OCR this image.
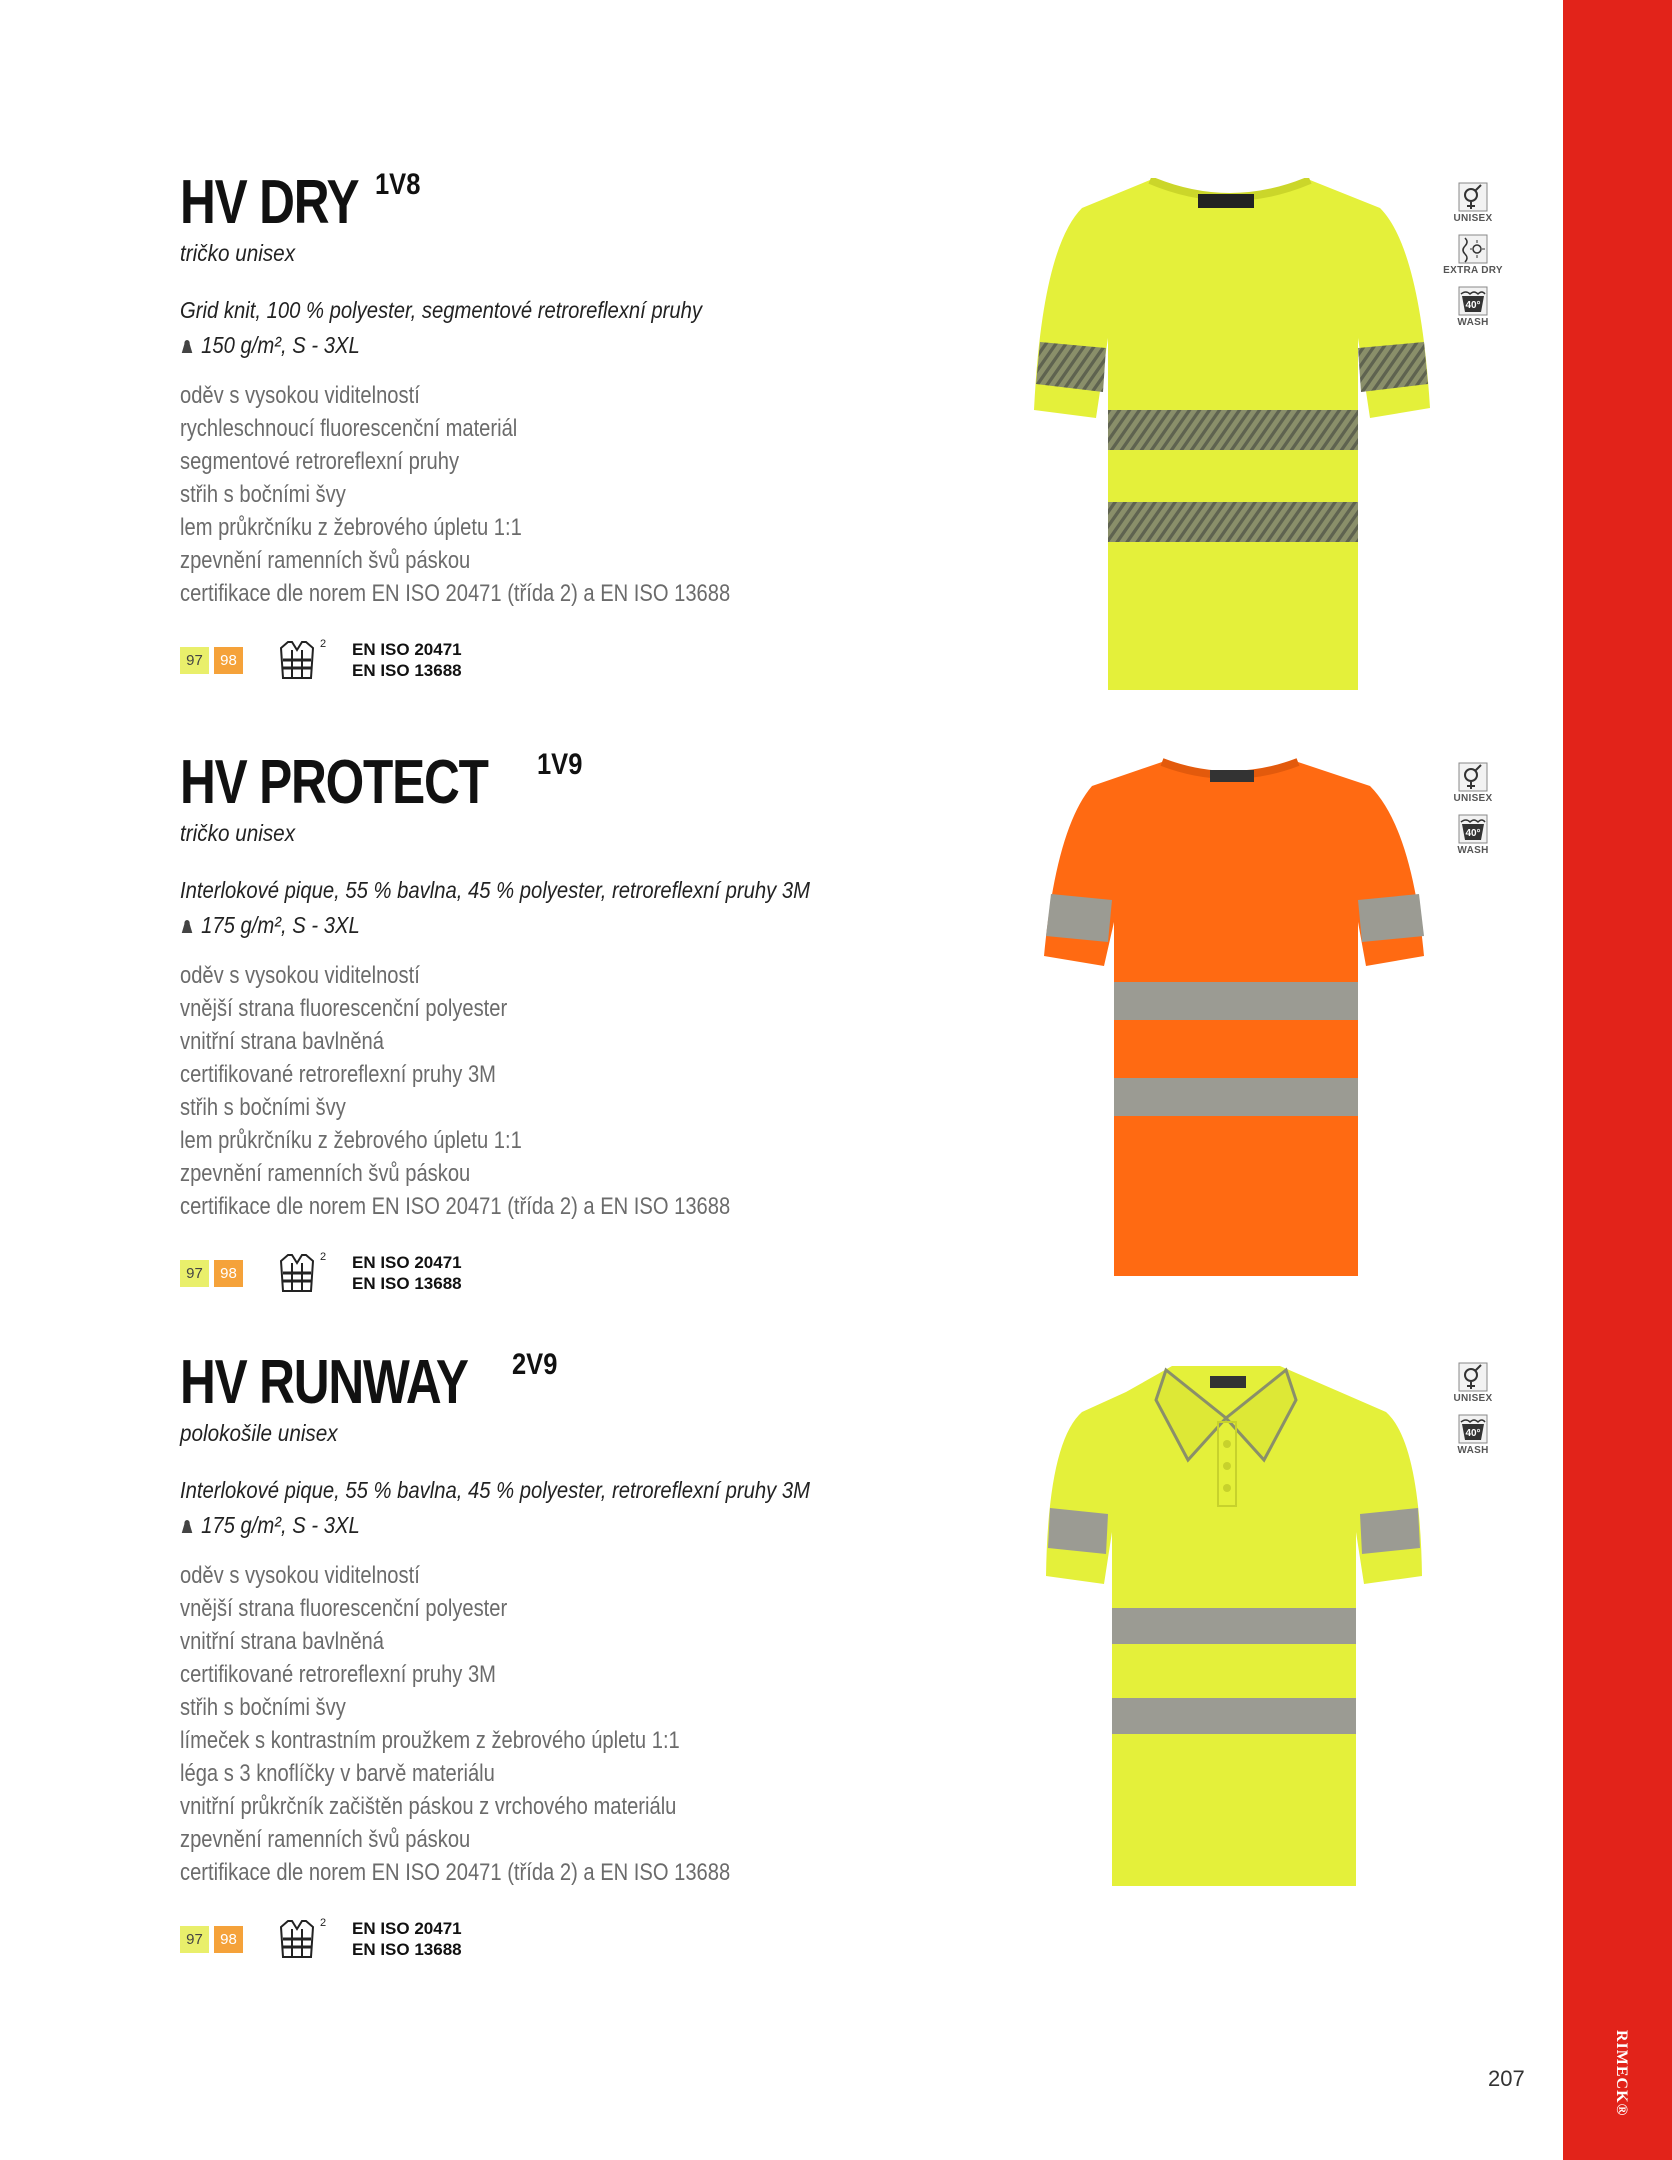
RIMECK®
207
HV DRY 1V8
tričko unisex
Grid knit, 100 % polyester, segmentové retroreflexní pruhy
150 g/m², S - 3XL
oděv s vysokou viditelností
rychleschnoucí fluorescenční materiál
segmentové retroreflexní pruhy
střih s bočními švy
lem průkrčníku z žebrového úpletu 1:1
zpevnění ramenních švů páskou
certifikace dle norem EN ISO 20471 (třída 2) a EN ISO 13688
97	98
2 EN ISO 20471
EN ISO 13688
UNISEX
EXTRA DRY
40°
WASH
HV PROTECT 1V9
tričko unisex
Interlokové pique, 55 % bavlna, 45 % polyester, retroreflexní pruhy 3M
175 g/m², S - 3XL
oděv s vysokou viditelností
vnější strana fluorescenční polyester
vnitřní strana bavlněná
certifikované retroreflexní pruhy 3M
střih s bočními švy
lem průkrčníku z žebrového úpletu 1:1
zpevnění ramenních švů páskou
certifikace dle norem EN ISO 20471 (třída 2) a EN ISO 13688
97	98
2 EN ISO 20471
EN ISO 13688
UNISEX
40°
WASH
HV RUNWAY 2V9
polokošile unisex
Interlokové pique, 55 % bavlna, 45 % polyester, retroreflexní pruhy 3M
175 g/m², S - 3XL
oděv s vysokou viditelností
vnější strana fluorescenční polyester
vnitřní strana bavlněná
certifikované retroreflexní pruhy 3M
střih s bočními švy
límeček s kontrastním proužkem z žebrového úpletu 1:1
léga s 3 knoflíčky v barvě materiálu
vnitřní průkrčník začištěn páskou z vrchového materiálu
zpevnění ramenních švů páskou
certifikace dle norem EN ISO 20471 (třída 2) a EN ISO 13688
97	98
2 EN ISO 20471
EN ISO 13688
UNISEX
40°
WASH
